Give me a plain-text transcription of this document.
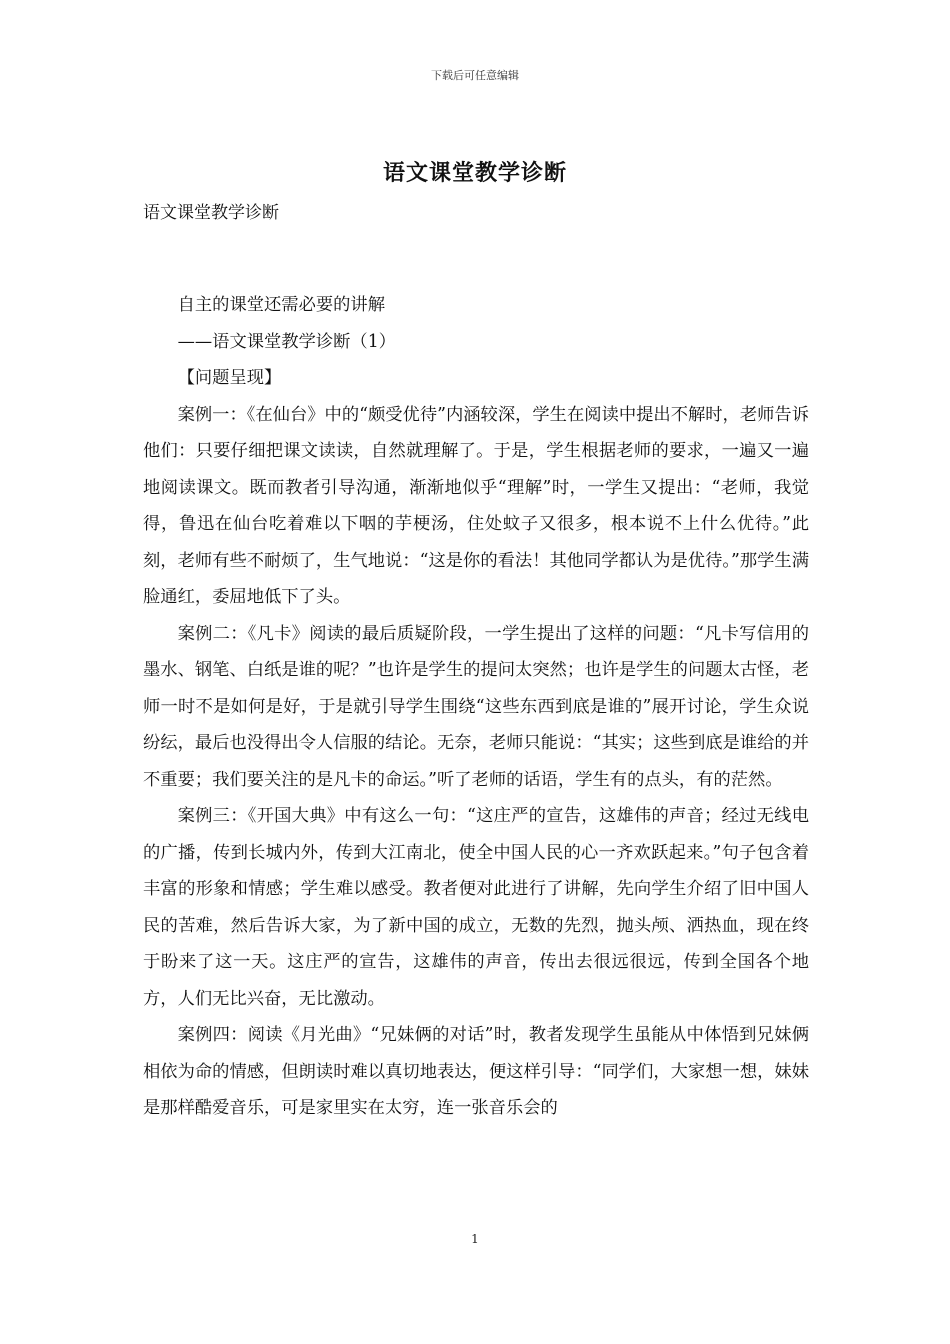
下载后可任意编辑
语文课堂教学诊断
语文课堂教学诊断

自主的课堂还需必要的讲解

——语文课堂教学诊断（1）

【问题呈现】

案例一：《在仙台》中的“颇受优待”内涵较深，学生在阅读中提出不解时，老师告诉他们：只要仔细把课文读读，自然就理解了。于是，学生根据老师的要求，一遍又一遍地阅读课文。既而教者引导沟通，渐渐地似乎“理解”时，一学生又提出：“老师，我觉得，鲁迅在仙台吃着难以下咽的芋梗汤，住处蚊子又很多，根本说不上什么优待。”此刻，老师有些不耐烦了，生气地说：“这是你的看法！其他同学都认为是优待。”那学生满脸通红，委屈地低下了头。

案例二：《凡卡》阅读的最后质疑阶段，一学生提出了这样的问题：“凡卡写信用的墨水、钢笔、白纸是谁的呢？”也许是学生的提问太突然；也许是学生的问题太古怪，老师一时不是如何是好，于是就引导学生围绕“这些东西到底是谁的”展开讨论，学生众说纷纭，最后也没得出令人信服的结论。无奈，老师只能说：“其实；这些到底是谁给的并不重要；我们要关注的是凡卡的命运。”听了老师的话语，学生有的点头，有的茫然。

案例三：《开国大典》中有这么一句：“这庄严的宣告，这雄伟的声音；经过无线电的广播，传到长城内外，传到大江南北，使全中国人民的心一齐欢跃起来。”句子包含着丰富的形象和情感；学生难以感受。教者便对此进行了讲解，先向学生介绍了旧中国人民的苦难，然后告诉大家，为了新中国的成立，无数的先烈，抛头颅、洒热血，现在终于盼来了这一天。这庄严的宣告，这雄伟的声音，传出去很远很远，传到全国各个地方，人们无比兴奋，无比激动。

案例四：阅读《月光曲》“兄妹俩的对话”时，教者发现学生虽能从中体悟到兄妹俩相依为命的情感，但朗读时难以真切地表达，便这样引导：“同学们，大家想一想，妹妹是那样酷爱音乐，可是家里实在太穷，连一张音乐会的

1
